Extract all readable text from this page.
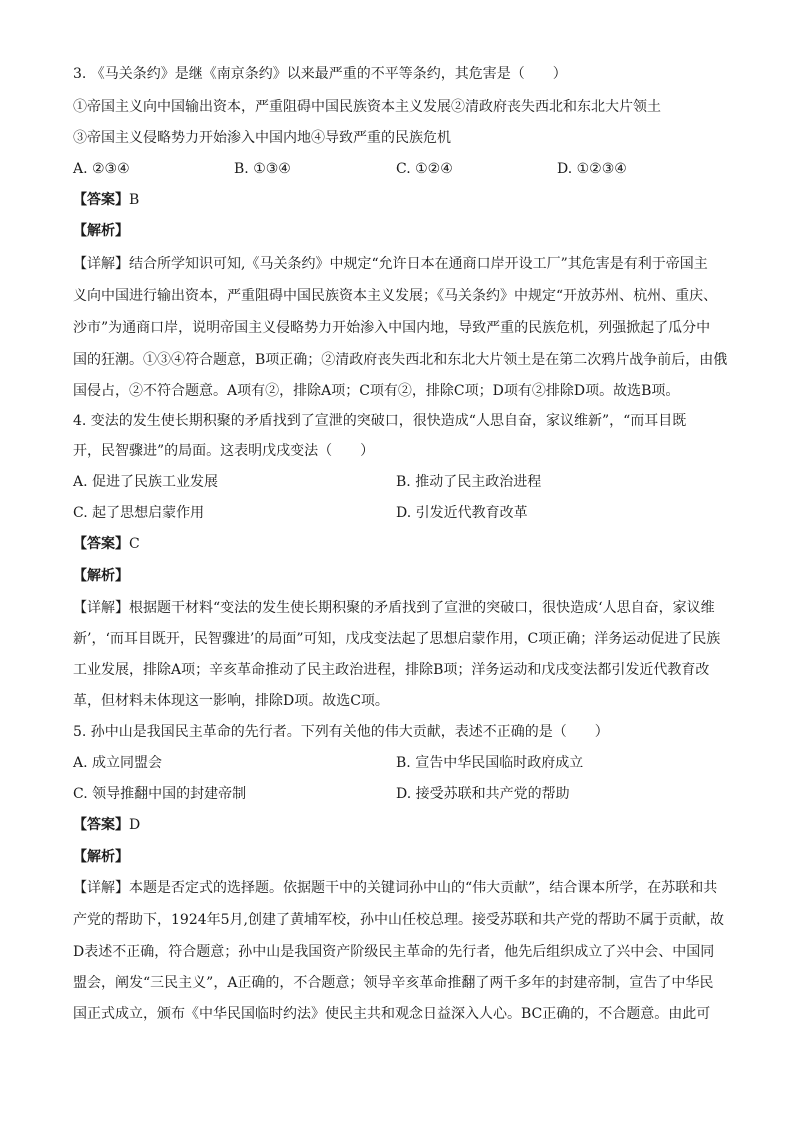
3. 《马关条约》是继《南京条约》以来最严重的不平等条约，其危害是（　　）
①帝国主义向中国输出资本，严重阻碍中国民族资本主义发展②清政府丧失西北和东北大片领土
③帝国主义侵略势力开始渗入中国内地④导致严重的民族危机
A. ②③④	B. ①③④	C. ①②④	D. ①②③④
【答案】B
【解析】
【详解】结合所学知识可知,《马关条约》中规定“允许日本在通商口岸开设工厂”其危害是有利于帝国主
义向中国进行输出资本，严重阻碍中国民族资本主义发展；《马关条约》中规定“开放苏州、杭州、重庆、
沙市”为通商口岸，说明帝国主义侵略势力开始渗入中国内地，导致严重的民族危机，列强掀起了瓜分中
国的狂潮。①③④符合题意，B项正确；②清政府丧失西北和东北大片领土是在第二次鸦片战争前后，由俄
国侵占，②不符合题意。A项有②，排除A项；C项有②，排除C项；D项有②排除D项。故选B项。
4. 变法的发生使长期积聚的矛盾找到了宣泄的突破口，很快造成“人思自奋，家议维新”，“而耳目既
开，民智骤进”的局面。这表明戊戌变法（　　）
A. 促进了民族工业发展	B. 推动了民主政治进程
C. 起了思想启蒙作用	D. 引发近代教育改革
【答案】C
【解析】
【详解】根据题干材料“变法的发生使长期积聚的矛盾找到了宣泄的突破口，很快造成‘人思自奋，家议维
新’，‘而耳目既开，民智骤进’的局面”可知，戊戌变法起了思想启蒙作用，C项正确；洋务运动促进了民族
工业发展，排除A项；辛亥革命推动了民主政治进程，排除B项；洋务运动和戊戌变法都引发近代教育改
革，但材料未体现这一影响，排除D项。故选C项。
5. 孙中山是我国民主革命的先行者。下列有关他的伟大贡献，表述不正确的是（　　）
A. 成立同盟会	B. 宣告中华民国临时政府成立
C. 领导推翻中国的封建帝制	D. 接受苏联和共产党的帮助
【答案】D
【解析】
【详解】本题是否定式的选择题。依据题干中的关键词孙中山的“伟大贡献”，结合课本所学，在苏联和共
产党的帮助下，1924年5月,创建了黄埔军校，孙中山任校总理。接受苏联和共产党的帮助不属于贡献，故
D表述不正确，符合题意；孙中山是我国资产阶级民主革命的先行者，他先后组织成立了兴中会、中国同
盟会，阐发“三民主义”，A正确的，不合题意；领导辛亥革命推翻了两千多年的封建帝制，宣告了中华民
国正式成立，颁布《中华民国临时约法》使民主共和观念日益深入人心。BC正确的，不合题意。由此可
